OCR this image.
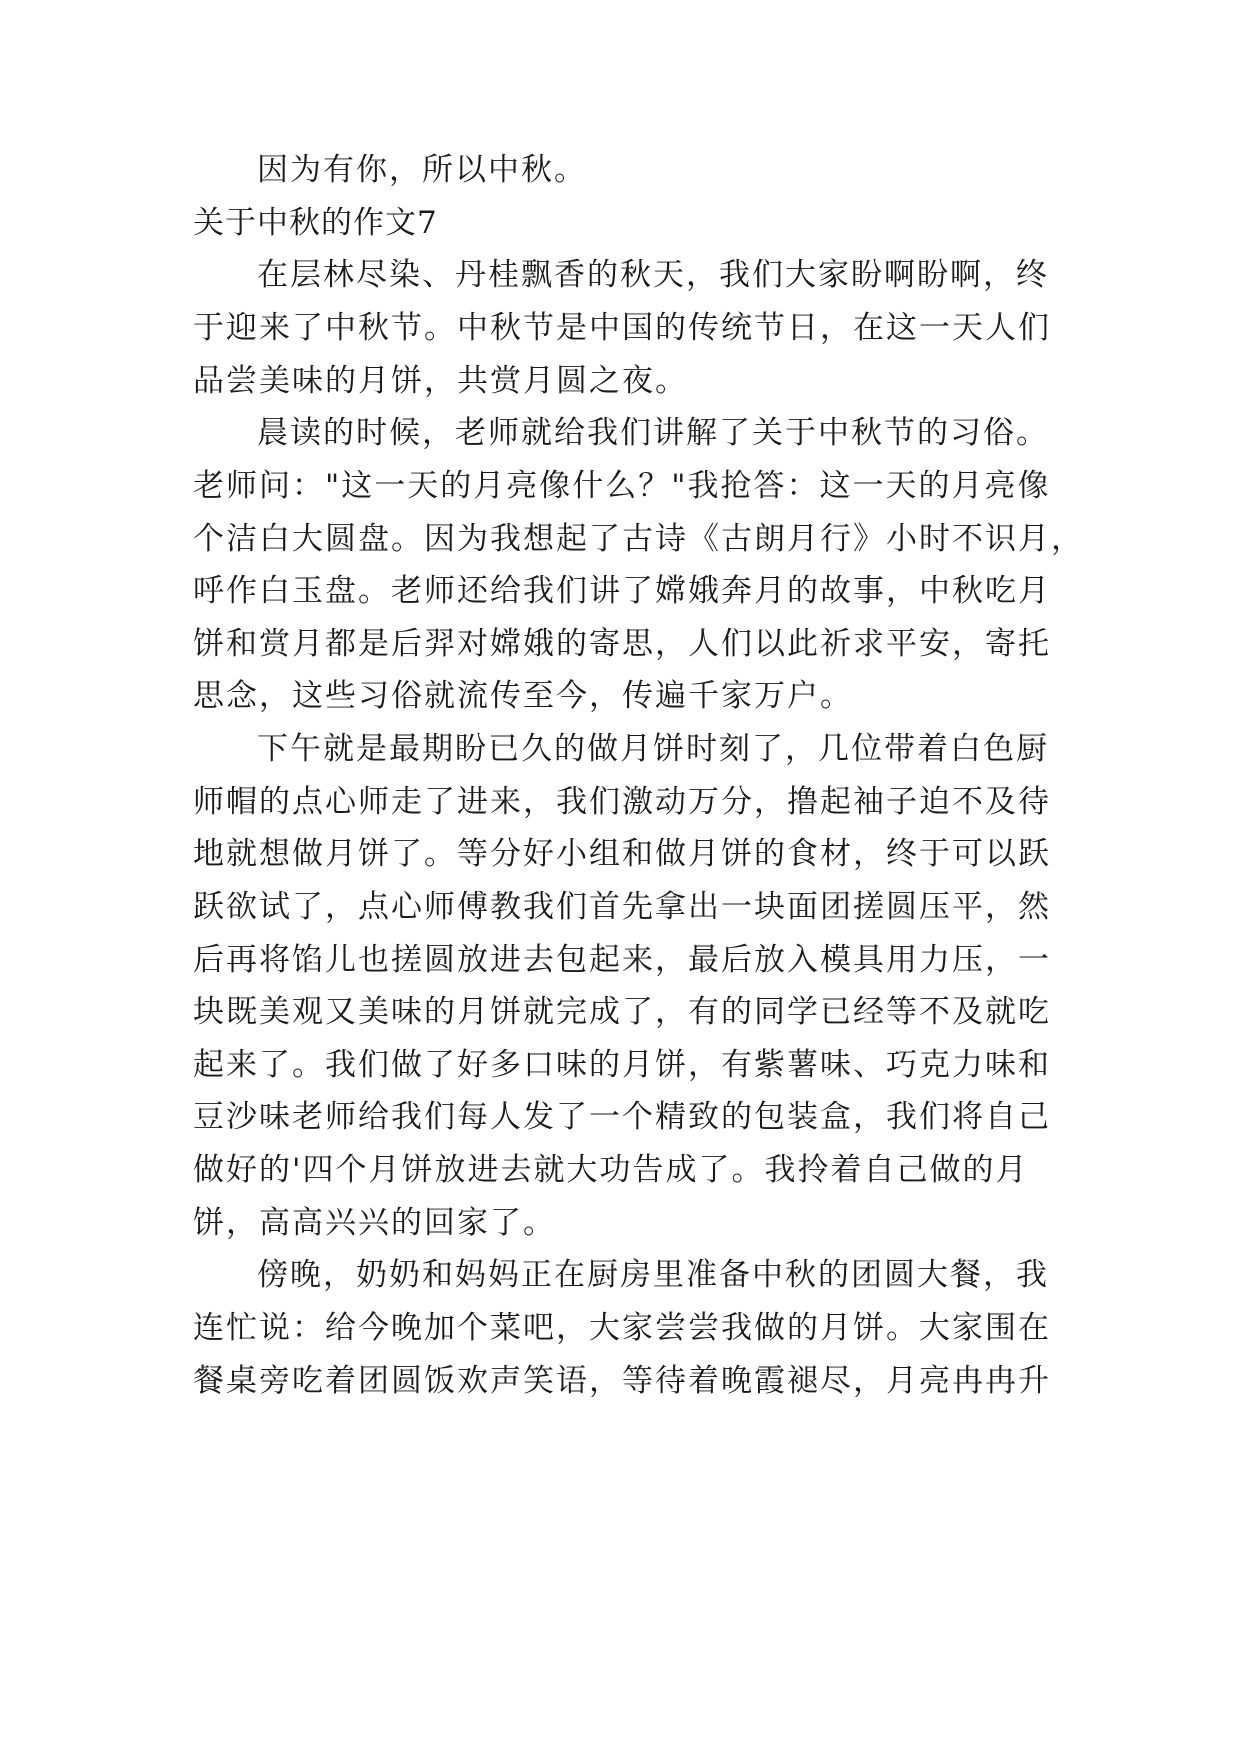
因为有你，所以中秋。
关于中秋的作文7
在层林尽染、丹桂飘香的秋天，我们大家盼啊盼啊，终
于迎来了中秋节。中秋节是中国的传统节日，在这一天人们
品尝美味的月饼，共赏月圆之夜。
晨读的时候，老师就给我们讲解了关于中秋节的习俗。
老师问："这一天的月亮像什么？"我抢答：这一天的月亮像
个洁白大圆盘。因为我想起了古诗《古朗月行》小时不识月，
呼作白玉盘。老师还给我们讲了嫦娥奔月的故事，中秋吃月
饼和赏月都是后羿对嫦娥的寄思，人们以此祈求平安，寄托
思念，这些习俗就流传至今，传遍千家万户。
下午就是最期盼已久的做月饼时刻了，几位带着白色厨
师帽的点心师走了进来，我们激动万分，撸起袖子迫不及待
地就想做月饼了。等分好小组和做月饼的食材，终于可以跃
跃欲试了，点心师傅教我们首先拿出一块面团搓圆压平，然
后再将馅儿也搓圆放进去包起来，最后放入模具用力压，一
块既美观又美味的月饼就完成了，有的同学已经等不及就吃
起来了。我们做了好多口味的月饼，有紫薯味、巧克力味和
豆沙味老师给我们每人发了一个精致的包装盒，我们将自己
做好的'四个月饼放进去就大功告成了。我拎着自己做的月
饼，高高兴兴的回家了。
傍晚，奶奶和妈妈正在厨房里准备中秋的团圆大餐，我
连忙说：给今晚加个菜吧，大家尝尝我做的月饼。大家围在
餐桌旁吃着团圆饭欢声笑语，等待着晚霞褪尽，月亮冉冉升
